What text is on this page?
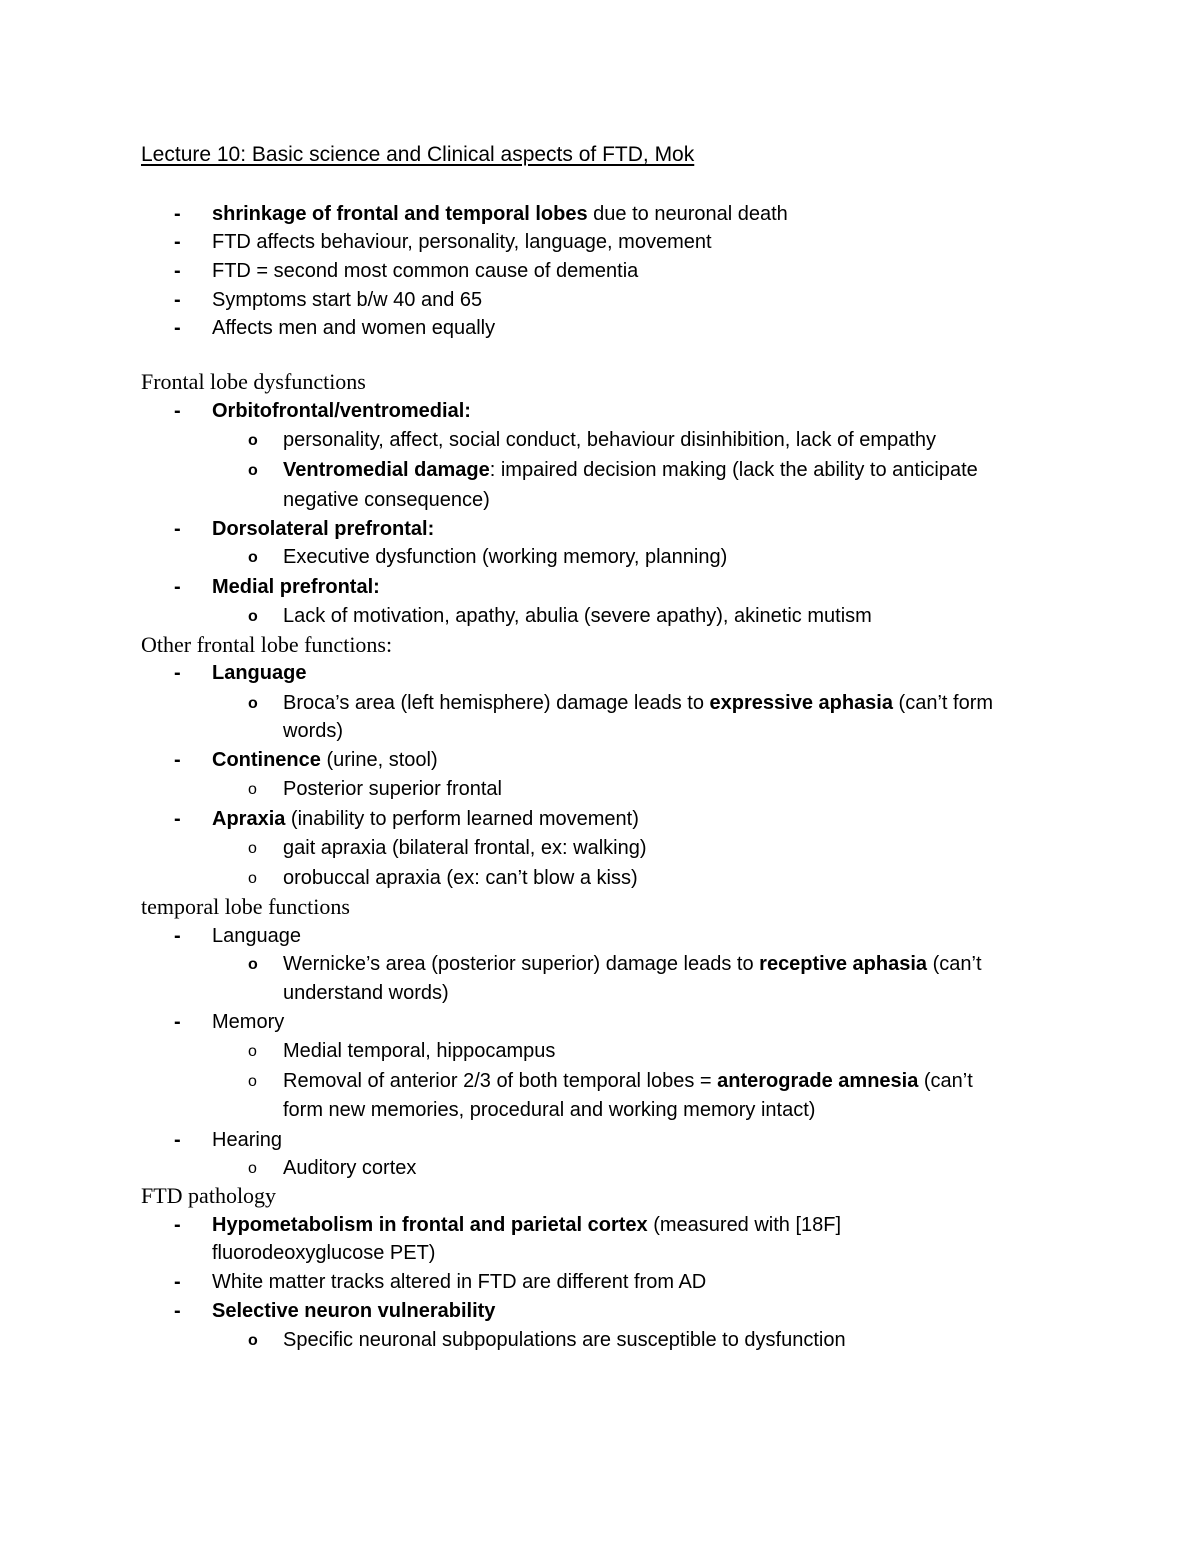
Lecture 10: Basic science and Clinical aspects of FTD, Mok
- shrinkage of frontal and temporal lobes due to neuronal death
- FTD affects behaviour, personality, language, movement
- FTD = second most common cause of dementia
- Symptoms start b/w 40 and 65
- Affects men and women equally
Frontal lobe dysfunctions
- Orbitofrontal/ventromedial:
o personality, affect, social conduct, behaviour disinhibition, lack of empathy
o Ventromedial damage: impaired decision making (lack the ability to anticipate
negative consequence)
- Dorsolateral prefrontal:
o Executive dysfunction (working memory, planning)
- Medial prefrontal:
o Lack of motivation, apathy, abulia (severe apathy), akinetic mutism
Other frontal lobe functions:
- Language
o Broca’s area (left hemisphere) damage leads to expressive aphasia (can’t form
words)
- Continence (urine, stool)
o Posterior superior frontal
- Apraxia (inability to perform learned movement)
o gait apraxia (bilateral frontal, ex: walking)
o orobuccal apraxia (ex: can’t blow a kiss)
temporal lobe functions
- Language
o Wernicke’s area (posterior superior) damage leads to receptive aphasia (can’t
understand words)
- Memory
o Medial temporal, hippocampus
o Removal of anterior 2/3 of both temporal lobes = anterograde amnesia (can’t
form new memories, procedural and working memory intact)
- Hearing
o Auditory cortex
FTD pathology
- Hypometabolism in frontal and parietal cortex (measured with [18F]
fluorodeoxyglucose PET)
- White matter tracks altered in FTD are different from AD
- Selective neuron vulnerability
o Specific neuronal subpopulations are susceptible to dysfunction
